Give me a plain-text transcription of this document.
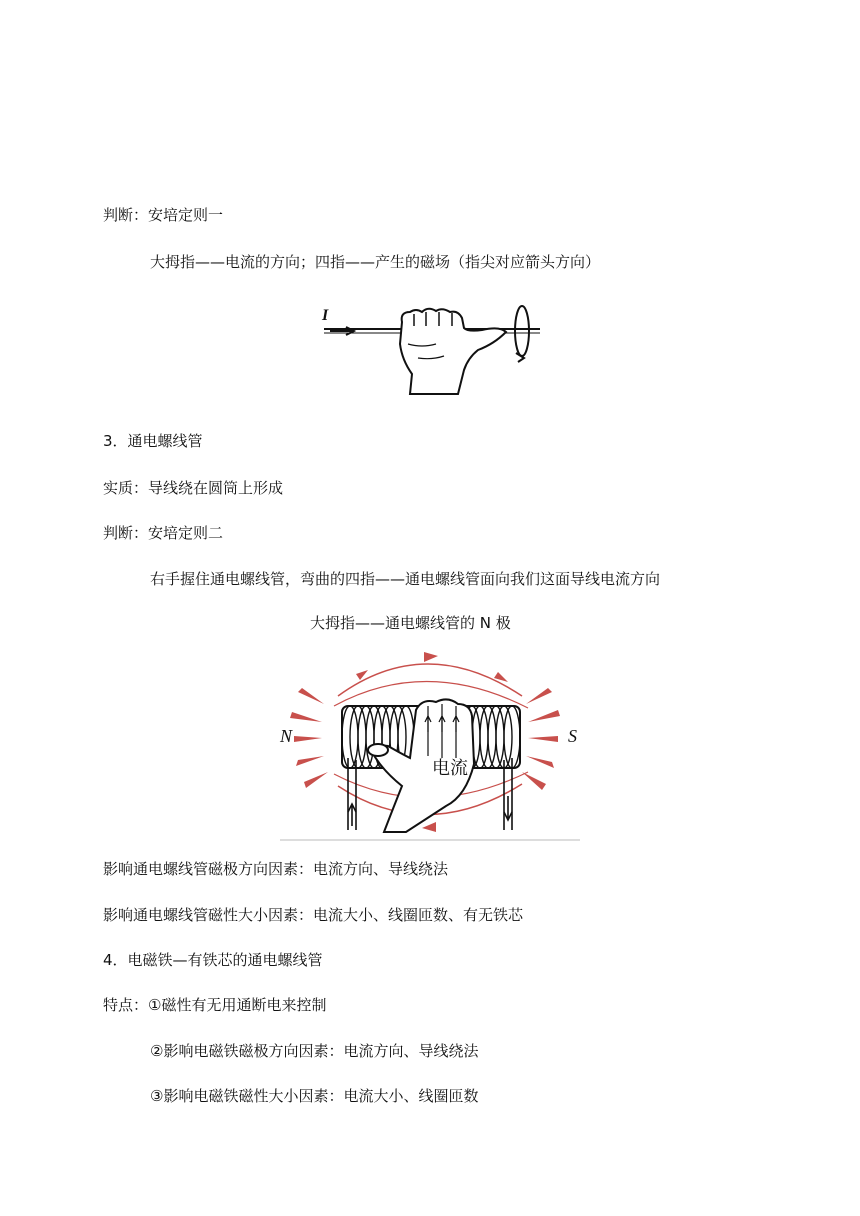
判断：安培定则一
大拇指——电流的方向；四指——产生的磁场（指尖对应箭头方向）
I
3．通电螺线管
实质：导线绕在圆筒上形成
判断：安培定则二
右手握住通电螺线管，弯曲的四指——通电螺线管面向我们这面导线电流方向
大拇指——通电螺线管的 N 极
N	S
电流
影响通电螺线管磁极方向因素：电流方向、导线绕法
影响通电螺线管磁性大小因素：电流大小、线圈匝数、有无铁芯
4．电磁铁—有铁芯的通电螺线管
特点：①磁性有无用通断电来控制
②影响电磁铁磁极方向因素：电流方向、导线绕法
③影响电磁铁磁性大小因素：电流大小、线圈匝数
